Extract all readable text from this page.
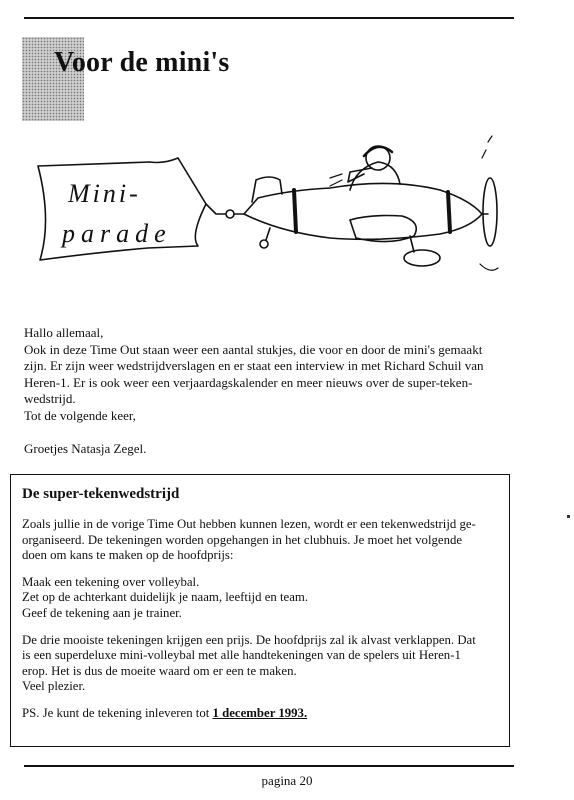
Voor de mini's
Mini-
parade

Hallo allemaal,

Ook in deze Time Out staan weer een aantal stukjes, die voor en door de mini's gemaakt

zijn. Er zijn weer wedstrijdverslagen en er staat een interview in met Richard Schuil van

Heren-1. Er is ook weer een verjaardagskalender en meer nieuws over de super-teken-

wedstrijd.

Tot de volgende keer,

Groetjes Natasja Zegel.

De super-tekenwedstrijd

Zoals jullie in de vorige Time Out hebben kunnen lezen, wordt er een tekenwedstrijd ge-
organiseerd. De tekeningen worden opgehangen in het clubhuis. Je moet het volgende
doen om kans te maken op de hoofdprijs:

Maak een tekening over volleybal.
Zet op de achterkant duidelijk je naam, leeftijd en team.
Geef de tekening aan je trainer.

De drie mooiste tekeningen krijgen een prijs. De hoofdprijs zal ik alvast verklappen. Dat
is een superdeluxe mini-volleybal met alle handtekeningen van de spelers uit Heren-1
erop. Het is dus de moeite waard om er een te maken.
Veel plezier.

PS. Je kunt de tekening inleveren tot 1 december 1993.

pagina 20
